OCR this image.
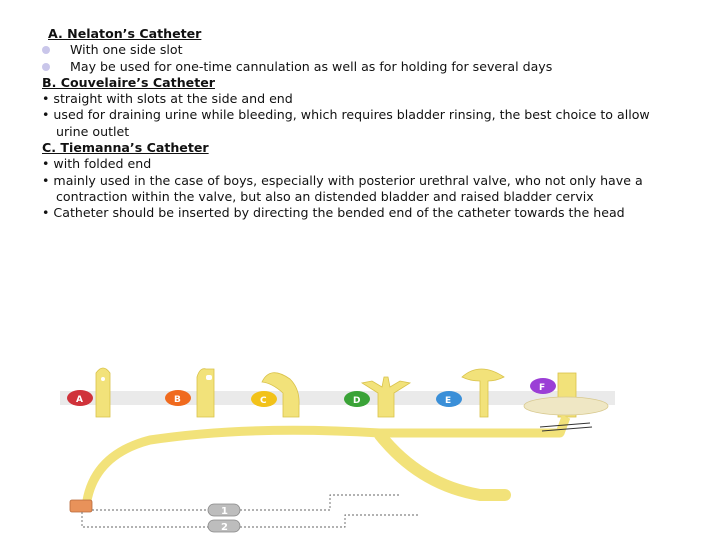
A. Nelaton’s Catheter
With one side slot
May be used for one-time cannulation as well as for holding for several days
B. Couvelaire’s Catheter
• straight with slots at the side and end
• used for draining urine while bleeding, which requires bladder rinsing, the best choice to allow
urine outlet
C. Tiemanna’s Catheter
• with folded end
• mainly used in the case of boys, especially with posterior urethral valve, who not only have a
contraction within the valve, but also an distended bladder and raised bladder cervix
• Catheter should be inserted by directing the bended end of the catheter towards the head
A	B	C	D	E
F
1
2
